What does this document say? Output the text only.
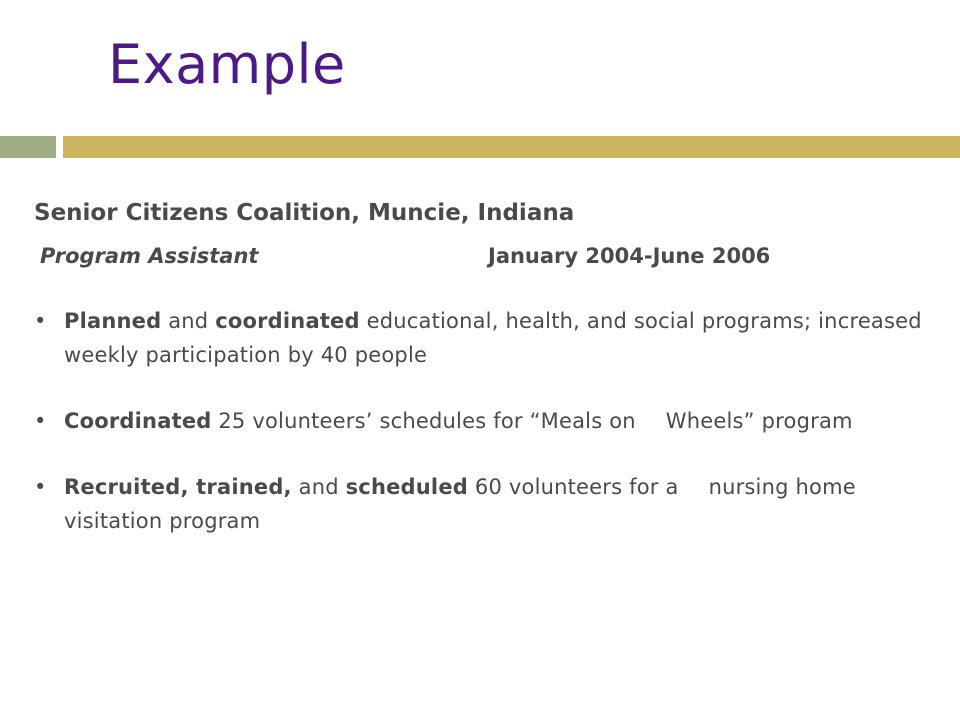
Example
Senior Citizens Coalition, Muncie, Indiana
Program Assistant	January 2004-June 2006
• Planned and coordinated educational, health, and social programs; increased weekly participation by 40 people
• Coordinated 25 volunteers’ schedules for “Meals on Wheels” program
• Recruited, trained, and scheduled 60 volunteers for a nursing home visitation program
